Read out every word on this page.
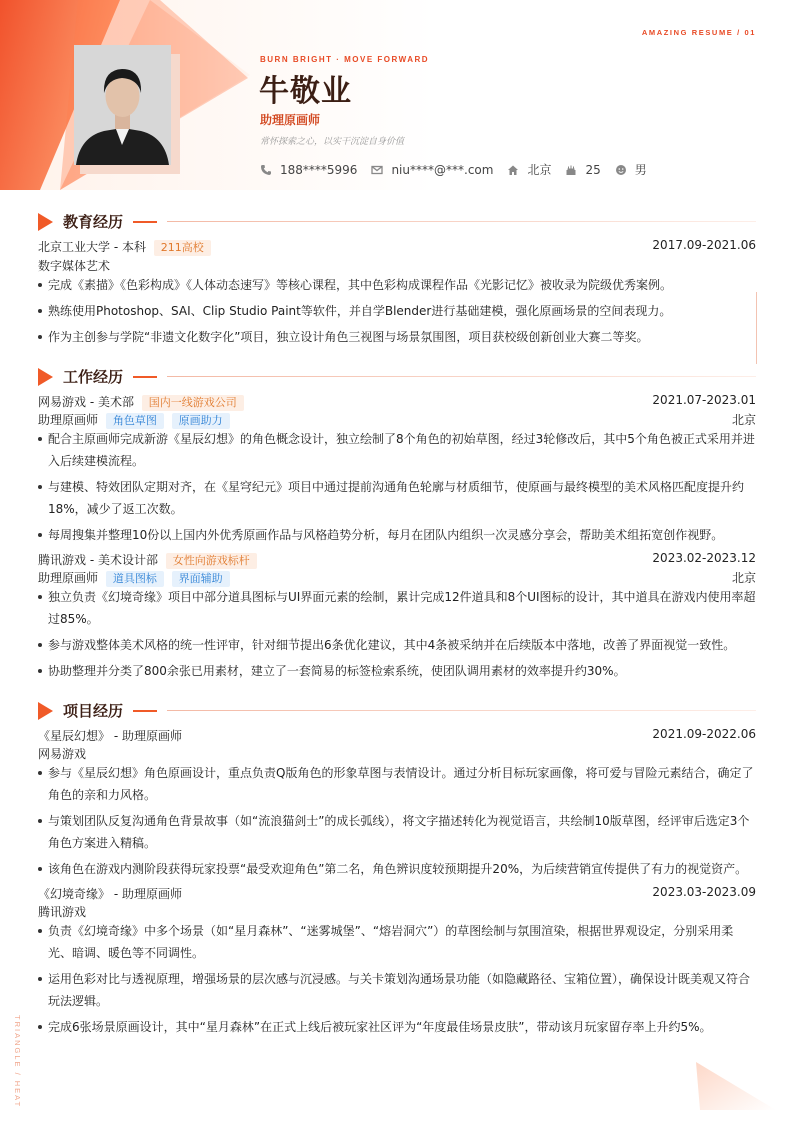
AMAZING RESUME / 01
BURN BRIGHT · MOVE FORWARD
牛敬业
助理原画师
常怀探索之心，以实干沉淀自身价值
188****5996	niu****@***.com	北京	25	男
教育经历
北京工业大学 - 本科 211高校	2017.09-2021.06
数字媒体艺术
完成《素描》《色彩构成》《人体动态速写》等核心课程，其中色彩构成课程作品《光影记忆》被收录为院级优秀案例。
熟练使用Photoshop、SAI、Clip Studio Paint等软件，并自学Blender进行基础建模，强化原画场景的空间表现力。
作为主创参与学院“非遗文化数字化”项目，独立设计角色三视图与场景氛围图，项目获校级创新创业大赛二等奖。
工作经历
网易游戏 - 美术部 国内一线游戏公司	2021.07-2023.01
助理原画师 角色草图 原画助力	北京
配合主原画师完成新游《星辰幻想》的角色概念设计，独立绘制了8个角色的初始草图，经过3轮修改后，其中5个角色被正式采用并进入后续建模流程。
与建模、特效团队定期对齐，在《星穹纪元》项目中通过提前沟通角色轮廓与材质细节，使原画与最终模型的美术风格匹配度提升约18%，减少了返工次数。
每周搜集并整理10份以上国内外优秀原画作品与风格趋势分析，每月在团队内组织一次灵感分享会，帮助美术组拓宽创作视野。
腾讯游戏 - 美术设计部 女性向游戏标杆	2023.02-2023.12
助理原画师 道具图标 界面辅助	北京
独立负责《幻境奇缘》项目中部分道具图标与UI界面元素的绘制，累计完成12件道具和8个UI图标的设计，其中道具在游戏内使用率超过85%。
参与游戏整体美术风格的统一性评审，针对细节提出6条优化建议，其中4条被采纳并在后续版本中落地，改善了界面视觉一致性。
协助整理并分类了800余张已用素材，建立了一套简易的标签检索系统，使团队调用素材的效率提升约30%。
项目经历
《星辰幻想》 - 助理原画师	2021.09-2022.06
网易游戏
参与《星辰幻想》角色原画设计，重点负责Q版角色的形象草图与表情设计。通过分析目标玩家画像，将可爱与冒险元素结合，确定了角色的亲和力风格。
与策划团队反复沟通角色背景故事（如“流浪猫剑士”的成长弧线），将文字描述转化为视觉语言，共绘制10版草图，经评审后选定3个角色方案进入精稿。
该角色在游戏内测阶段获得玩家投票“最受欢迎角色”第二名，角色辨识度较预期提升20%，为后续营销宣传提供了有力的视觉资产。
《幻境奇缘》 - 助理原画师	2023.03-2023.09
腾讯游戏
负责《幻境奇缘》中多个场景（如“星月森林”、“迷雾城堡”、“熔岩洞穴”）的草图绘制与氛围渲染，根据世界观设定，分别采用柔光、暗调、暖色等不同调性。
运用色彩对比与透视原理，增强场景的层次感与沉浸感。与关卡策划沟通场景功能（如隐藏路径、宝箱位置），确保设计既美观又符合玩法逻辑。
完成6张场景原画设计，其中“星月森林”在正式上线后被玩家社区评为“年度最佳场景皮肤”，带动该月玩家留存率上升约5%。
TRIANGLE / HEAT
